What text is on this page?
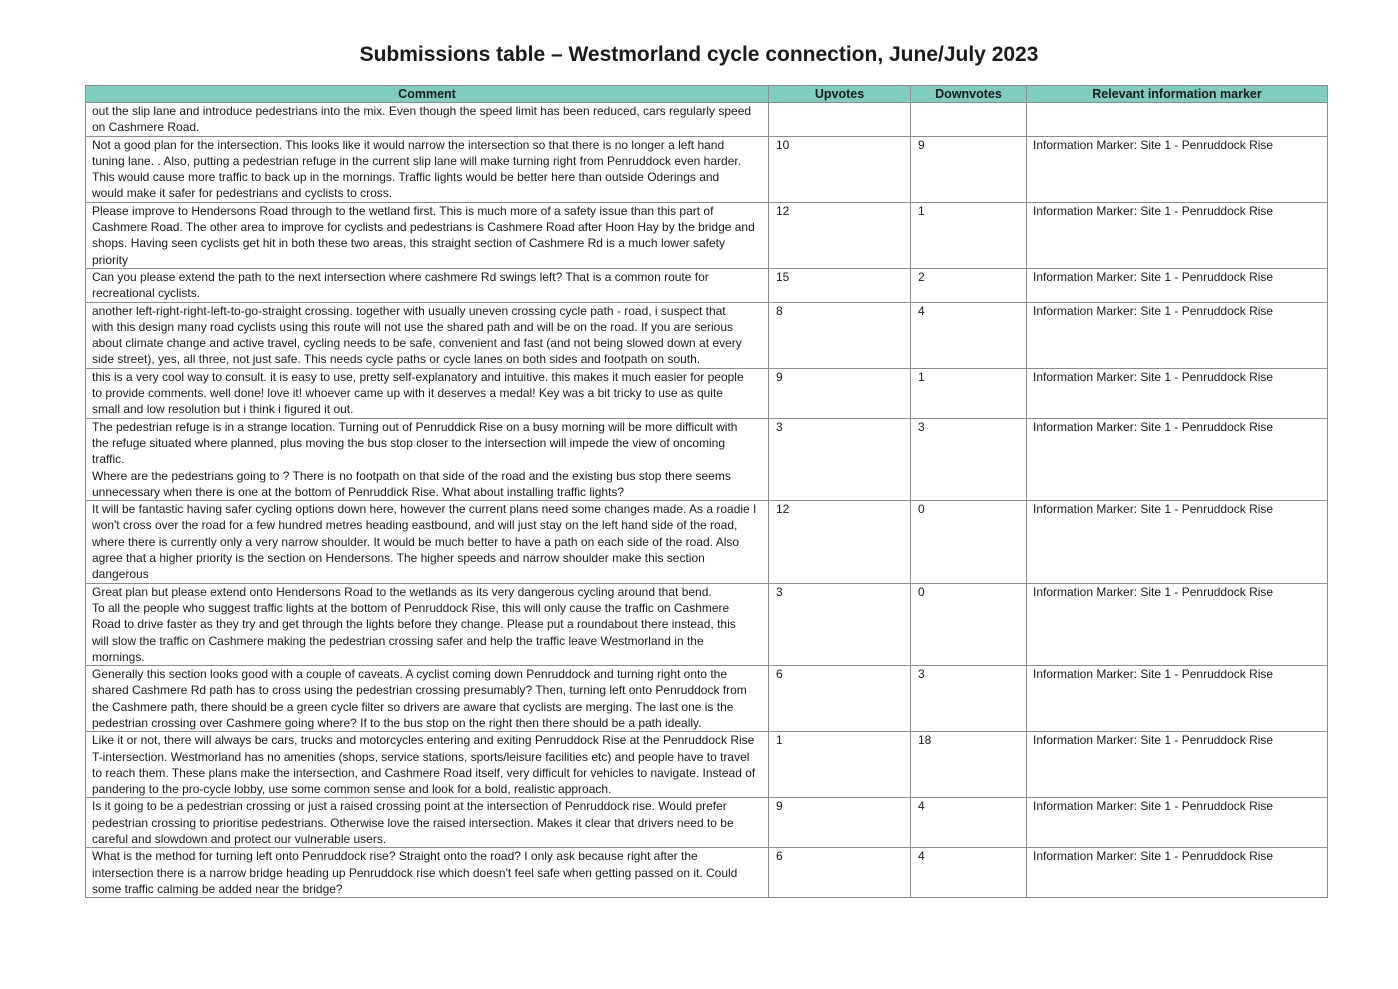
Submissions table – Westmorland cycle connection, June/July 2023
Comment	Upvotes	Downvotes	Relevant information marker
out the slip lane and introduce pedestrians into the mix. Even though the speed limit has been reduced, cars regularly speed
on Cashmere Road.			
Not a good plan for the intersection. This looks like it would narrow the intersection so that there is no longer a left hand
tuning lane. . Also, putting a pedestrian refuge in the current slip lane will make turning right from Penruddock even harder.
This would cause more traffic to back up in the mornings. Traffic lights would be better here than outside Oderings and
would make it safer for pedestrians and cyclists to cross.	10	9	Information Marker: Site 1 - Penruddock Rise
Please improve to Hendersons Road through to the wetland first. This is much more of a safety issue than this part of
Cashmere Road. The other area to improve for cyclists and pedestrians is Cashmere Road after Hoon Hay by the bridge and
shops. Having seen cyclists get hit in both these two areas, this straight section of Cashmere Rd is a much lower safety
priority	12	1	Information Marker: Site 1 - Penruddock Rise
Can you please extend the path to the next intersection where cashmere Rd swings left? That is a common route for
recreational cyclists.	15	2	Information Marker: Site 1 - Penruddock Rise
another left-right-right-left-to-go-straight crossing. together with usually uneven crossing cycle path - road, i suspect that
with this design many road cyclists using this route will not use the shared path and will be on the road. If you are serious
about climate change and active travel, cycling needs to be safe, convenient and fast (and not being slowed down at every
side street), yes, all three, not just safe. This needs cycle paths or cycle lanes on both sides and footpath on south.	8	4	Information Marker: Site 1 - Penruddock Rise
this is a very cool way to consult. it is easy to use, pretty self-explanatory and intuitive. this makes it much easier for people
to provide comments. well done! love it! whoever came up with it deserves a medal! Key was a bit tricky to use as quite
small and low resolution but i think i figured it out.	9	1	Information Marker: Site 1 - Penruddock Rise
The pedestrian refuge is in a strange location. Turning out of Penruddick Rise on a busy morning will be more difficult with
the refuge situated where planned, plus moving the bus stop closer to the intersection will impede the view of oncoming
traffic.
Where are the pedestrians going to ? There is no footpath on that side of the road and the existing bus stop there seems
unnecessary when there is one at the bottom of Penruddick Rise. What about installing traffic lights?	3	3	Information Marker: Site 1 - Penruddock Rise
It will be fantastic having safer cycling options down here, however the current plans need some changes made. As a roadie I
won't cross over the road for a few hundred metres heading eastbound, and will just stay on the left hand side of the road,
where there is currently only a very narrow shoulder. It would be much better to have a path on each side of the road. Also
agree that a higher priority is the section on Hendersons. The higher speeds and narrow shoulder make this section
dangerous	12	0	Information Marker: Site 1 - Penruddock Rise
Great plan but please extend onto Hendersons Road to the wetlands as its very dangerous cycling around that bend.
To all the people who suggest traffic lights at the bottom of Penruddock Rise, this will only cause the traffic on Cashmere
Road to drive faster as they try and get through the lights before they change. Please put a roundabout there instead, this
will slow the traffic on Cashmere making the pedestrian crossing safer and help the traffic leave Westmorland in the
mornings.	3	0	Information Marker: Site 1 - Penruddock Rise
Generally this section looks good with a couple of caveats. A cyclist coming down Penruddock and turning right onto the
shared Cashmere Rd path has to cross using the pedestrian crossing presumably? Then, turning left onto Penruddock from
the Cashmere path, there should be a green cycle filter so drivers are aware that cyclists are merging. The last one is the
pedestrian crossing over Cashmere going where? If to the bus stop on the right then there should be a path ideally.	6	3	Information Marker: Site 1 - Penruddock Rise
Like it or not, there will always be cars, trucks and motorcycles entering and exiting Penruddock Rise at the Penruddock Rise
T-intersection. Westmorland has no amenities (shops, service stations, sports/leisure facilities etc) and people have to travel
to reach them. These plans make the intersection, and Cashmere Road itself, very difficult for vehicles to navigate. Instead of
pandering to the pro-cycle lobby, use some common sense and look for a bold, realistic approach.	1	18	Information Marker: Site 1 - Penruddock Rise
Is it going to be a pedestrian crossing or just a raised crossing point at the intersection of Penruddock rise. Would prefer
pedestrian crossing to prioritise pedestrians. Otherwise love the raised intersection. Makes it clear that drivers need to be
careful and slowdown and protect our vulnerable users.	9	4	Information Marker: Site 1 - Penruddock Rise
What is the method for turning left onto Penruddock rise? Straight onto the road? I only ask because right after the
intersection there is a narrow bridge heading up Penruddock rise which doesn't feel safe when getting passed on it. Could
some traffic calming be added near the bridge?	6	4	Information Marker: Site 1 - Penruddock Rise
